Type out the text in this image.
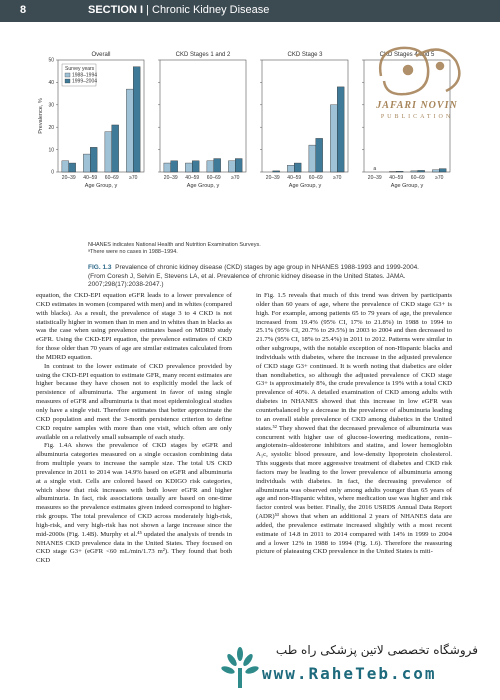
8	SECTION I | Chronic Kidney Disease
Overall
50
40
30
20
10
0
20–39 40–59 60–69 ≥70
Age Group, y
Prevalence, %
Survey years
1988–1994
1999–2004
CKD Stages 1 and 2
20–39 40–59 60–69 ≥70
Age Group, y
CKD Stage 3
20–39 40–59 60–69 ≥70
Age Group, y
CKD Stages 4 and 5
20–39 40–59 60–69 ≥70
Age Group, y
a
JAFARI NOVIN
PUBLICATION
NHANES indicates National Health and Nutrition Examination Surveys.
ᵃThere were no cases in 1988–1994.
FIG. 1.3 Prevalence of chronic kidney disease (CKD) stages by age group in NHANES 1988-1993 and 1999-2004. (From Coresh J, Selvin E, Stevens LA, et al. Prevalence of chronic kidney disease in the United States. JAMA. 2007;298(17):2038-2047.)

equation, the CKD-EPI equation eGFR leads to a lower prevalence of CKD estimates in women (compared with men) and in whites (compared with blacks). As a result, the prevalence of stage 3 to 4 CKD is not statistically higher in women than in men and in whites than in blacks as was the case when using prevalence estimates based on MDRD study eGFR. Using the CKD-EPI equation, the prevalence estimates of CKD for those older than 70 years of age are similar estimates calculated from the MDRD equation.

In contrast to the lower estimate of CKD prevalence provided by using the CKD-EPI equation to estimate GFR, many recent estimates are higher because they have chosen not to explicitly model the lack of persistence of albuminuria. The argument in favor of using single measures of eGFR and albuminuria is that most epidemiological studies only have a single visit. Therefore estimates that better approximate the CKD population and meet the 3-month persistence criterion to define CKD require samples with more than one visit, which often are only available on a relatively small subsample of each study.

Fig. 1.4A shows the prevalence of CKD stages by eGFR and albuminuria categories measured on a single occasion combining data from multiple years to increase the sample size. The total US CKD prevalence in 2011 to 2014 was 14.9% based on eGFR and albuminuria at a single visit. Cells are colored based on KDIGO risk categories, which show that risk increases with both lower eGFR and higher albuminuria. In fact, risk associations usually are based on one-time measures so the prevalence estimates given indeed correspond to higher-risk groups. The total prevalence of CKD across moderately high-risk, high-risk, and very high-risk has not shown a large increase since the mid-2000s (Fig. 1.4B). Murphy et al.⁴⁵ updated the analysis of trends in NHANES CKD prevalence data in the United States. They focused on CKD stage G3+ (eGFR <60 mL/min/1.73 m²). They found that both CKD

in Fig. 1.5 reveals that much of this trend was driven by participants older than 60 years of age, where the prevalence of CKD stage G3+ is high. For example, among patients 65 to 79 years of age, the prevalence increased from 19.4% (95% CI, 17% to 21.8%) in 1988 to 1994 to 25.1% (95% CI, 20.7% to 29.5%) in 2003 to 2004 and then decreased to 21.7% (95% CI, 18% to 25.4%) in 2011 to 2012. Patterns were similar in other subgroups, with the notable exception of non-Hispanic blacks and individuals with diabetes, where the increase in the adjusted prevalence of CKD stage G3+ continued. It is worth noting that diabetics are older than nondiabetics, so although the adjusted prevalence of CKD stage G3+ is approximately 8%, the crude prevalence is 19% with a total CKD prevalence of 40%. A detailed examination of CKD among adults with diabetes in NHANES showed that this increase in low eGFR was counterbalanced by a decrease in the prevalence of albuminuria leading to an overall stable prevalence of CKD among diabetics in the United states.⁵² They showed that the decreased prevalence of albuminuria was concurrent with higher use of glucose-lowering medications, renin–angiotensin–aldosterone inhibitors and statins, and lower hemoglobin A₁c, systolic blood pressure, and low-density lipoprotein cholesterol. This suggests that more aggressive treatment of diabetes and CKD risk factors may be leading to the lower prevalence of albuminuria among individuals with diabetes. In fact, the decreasing prevalence of albuminuria was observed only among adults younger than 65 years of age and non-Hispanic whites, where medication use was higher and risk factor control was better. Finally, the 2016 USRDS Annual Data Report (ADR)⁵³ shows that when an additional 2 years of NHANES data are added, the prevalence estimate increased slightly with a most recent estimate of 14.8 in 2011 to 2014 compared with 14% in 1999 to 2004 and a lower 12% in 1988 to 1994 (Fig. 1.6). Therefore the reassuring picture of plateauing CKD prevalence in the United States is miti-

فروشگاه تخصصی لاتین پزشکی راه طب
www.RaheTeb.com
